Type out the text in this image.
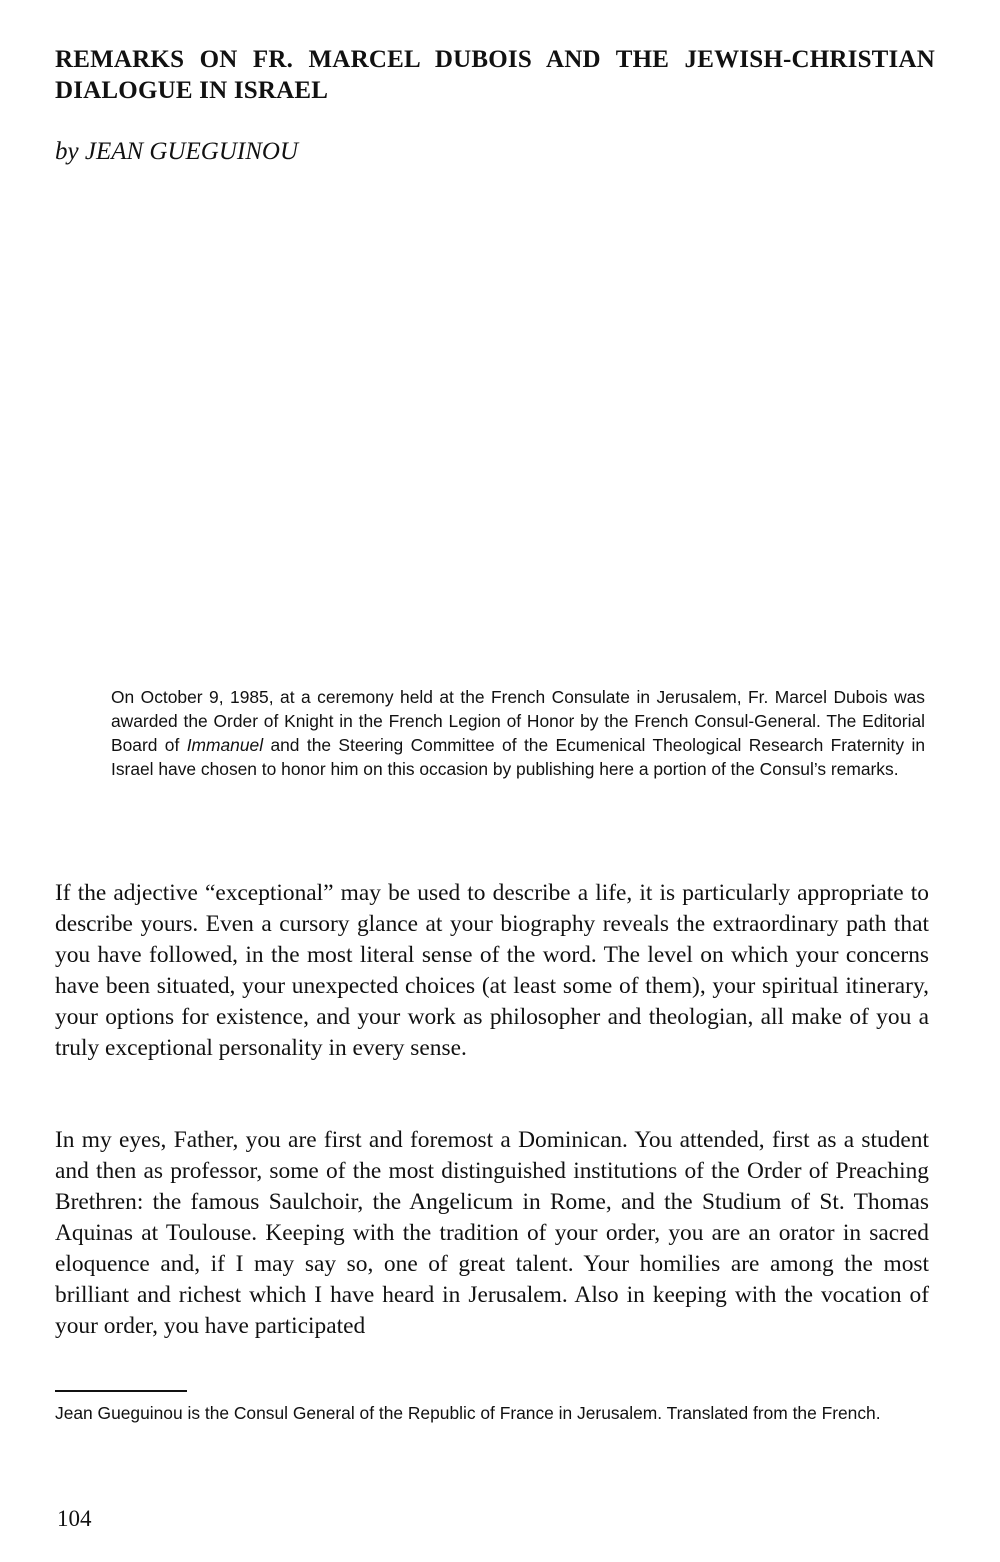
REMARKS ON FR. MARCEL DUBOIS AND THE JEWISH-CHRISTIAN DIALOGUE IN ISRAEL
by JEAN GUEGUINOU
On October 9, 1985, at a ceremony held at the French Consulate in Jerusalem, Fr. Marcel Dubois was awarded the Order of Knight in the French Legion of Honor by the French Consul-General. The Editorial Board of Immanuel and the Steering Committee of the Ecumenical Theological Research Fraternity in Israel have chosen to honor him on this occasion by publishing here a portion of the Consul’s remarks.

If the adjective “exceptional” may be used to describe a life, it is particularly appropriate to describe yours. Even a cursory glance at your biography reveals the extraordinary path that you have followed, in the most literal sense of the word. The level on which your concerns have been situated, your unexpected choices (at least some of them), your spiritual itinerary, your options for existence, and your work as philosopher and theologian, all make of you a truly exceptional personality in every sense.

In my eyes, Father, you are first and foremost a Dominican. You attended, first as a student and then as professor, some of the most distinguished institutions of the Order of Preaching Brethren: the famous Saulchoir, the Angelicum in Rome, and the Studium of St. Thomas Aquinas at Toulouse. Keeping with the tradition of your order, you are an orator in sacred eloquence and, if I may say so, one of great talent. Your homilies are among the most brilliant and richest which I have heard in Jerusalem. Also in keeping with the vocation of your order, you have participated

Jean Gueguinou is the Consul General of the Republic of France in Jerusalem. Translated from the French.
104
